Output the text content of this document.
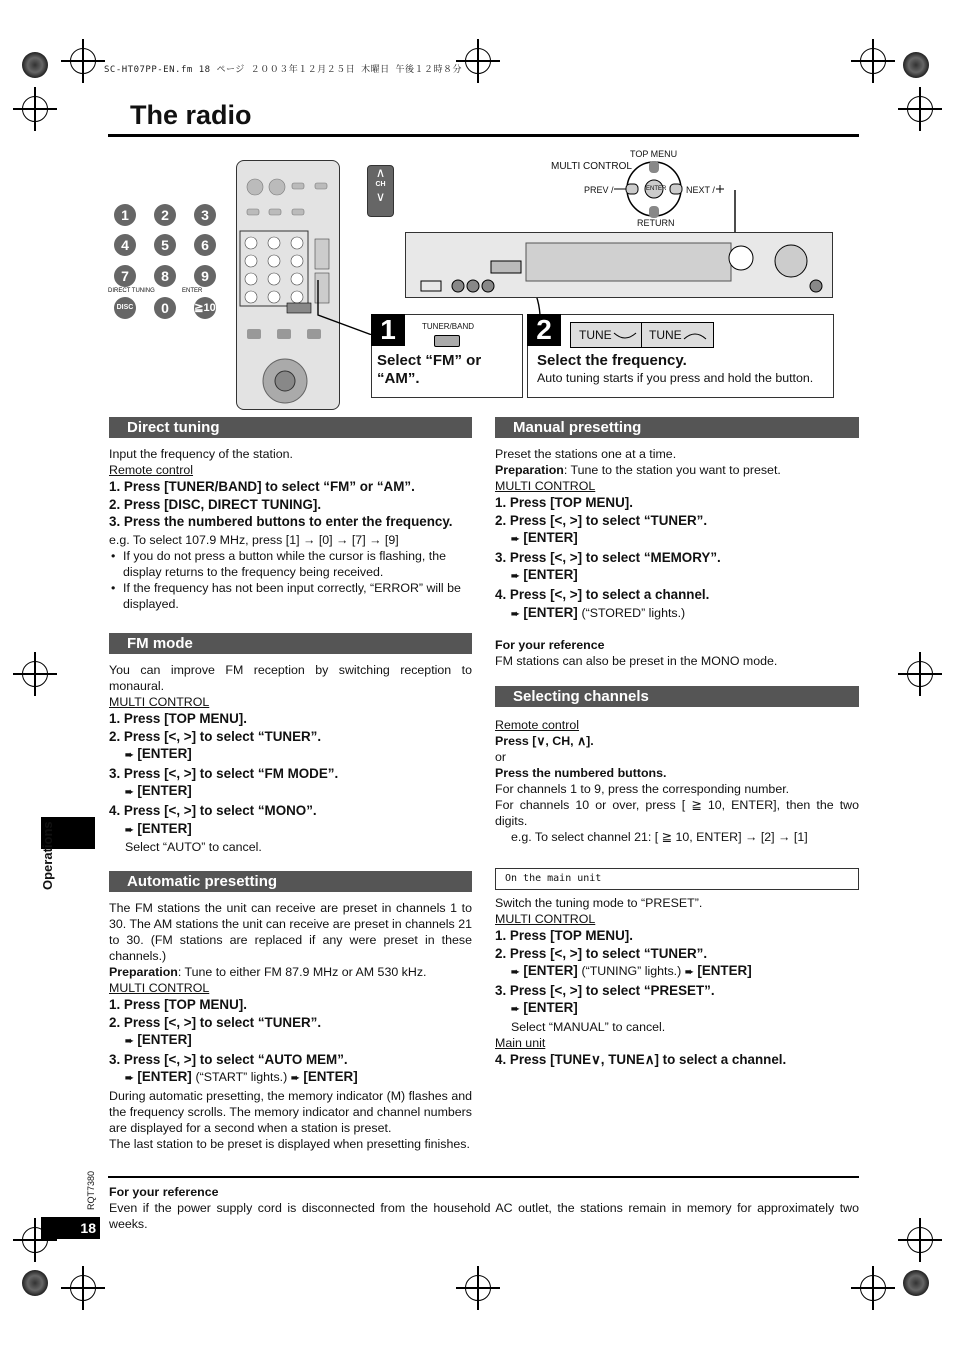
SC-HT07PP-EN.fm 18 ページ ２００３年１２月２５日 木曜日 午後１２時８分
The radio
1	2	3
4	5	6
7	8	9
DIRECT TUNING
DISC	0
ENTER
≧10
∧
CH
∨
MULTI CONTROL
TOP MENU
PREV /	NEXT /
RETURN
ENTER
1	TUNER/BAND
Select “FM” or “AM”.
2	TUNE	TUNE
Select the frequency.
Auto tuning starts if you press and hold the button.
Direct tuning
Input the frequency of the station.
Remote control
1. Press [TUNER/BAND] to select “FM” or “AM”.
2. Press [DISC, DIRECT TUNING].
3. Press the numbered buttons to enter the frequency.
e.g. To select 107.9 MHz, press [1] → [0] → [7] → [9]
• If you do not press a button while the cursor is flashing, the display returns to the frequency being received.
• If the frequency has not been input correctly, “ERROR” will be displayed.
FM mode
You can improve FM reception by switching reception to monaural.
MULTI CONTROL
1. Press [TOP MENU].
2. Press [<, >] to select “TUNER”.
➨ [ENTER]
3. Press [<, >] to select “FM MODE”.
➨ [ENTER]
4. Press [<, >] to select “MONO”.
➨ [ENTER]
Select “AUTO” to cancel.
Automatic presetting
The FM stations the unit can receive are preset in channels 1 to 30. The AM stations the unit can receive are preset in channels 21 to 30. (FM stations are replaced if any were preset in these channels.)
Preparation: Tune to either FM 87.9 MHz or AM 530 kHz.
MULTI CONTROL
1. Press [TOP MENU].
2. Press [<, >] to select “TUNER”.
➨ [ENTER]
3. Press [<, >] to select “AUTO MEM”.
➨ [ENTER] (“START” lights.) ➨ [ENTER]
During automatic presetting, the memory indicator (M) flashes and the frequency scrolls. The memory indicator and channel numbers are displayed for a second when a station is preset.
The last station to be preset is displayed when presetting finishes.
Manual presetting
Preset the stations one at a time.
Preparation: Tune to the station you want to preset.
MULTI CONTROL
1. Press [TOP MENU].
2. Press [<, >] to select “TUNER”.
➨ [ENTER]
3. Press [<, >] to select “MEMORY”.
➨ [ENTER]
4. Press [<, >] to select a channel.
➨ [ENTER] (“STORED” lights.)
For your reference
FM stations can also be preset in the MONO mode.
Selecting channels
Remote control
Press [∨, CH, ∧].
or
Press the numbered buttons.
For channels 1 to 9, press the corresponding number.
For channels 10 or over, press [ ≧ 10, ENTER], then the two digits.
e.g. To select channel 21: [ ≧ 10, ENTER] → [2] → [1]
On the main unit
Switch the tuning mode to “PRESET”.
MULTI CONTROL
1. Press [TOP MENU].
2. Press [<, >] to select “TUNER”.
➨ [ENTER] (“TUNING” lights.) ➨ [ENTER]
3. Press [<, >] to select “PRESET”.
➨ [ENTER]
Select “MANUAL” to cancel.
Main unit
4. Press [TUNE∨, TUNE∧] to select a channel.
For your reference
Even if the power supply cord is disconnected from the household AC outlet, the stations remain in memory for approximately two weeks.
Operations
RQT7380
18
